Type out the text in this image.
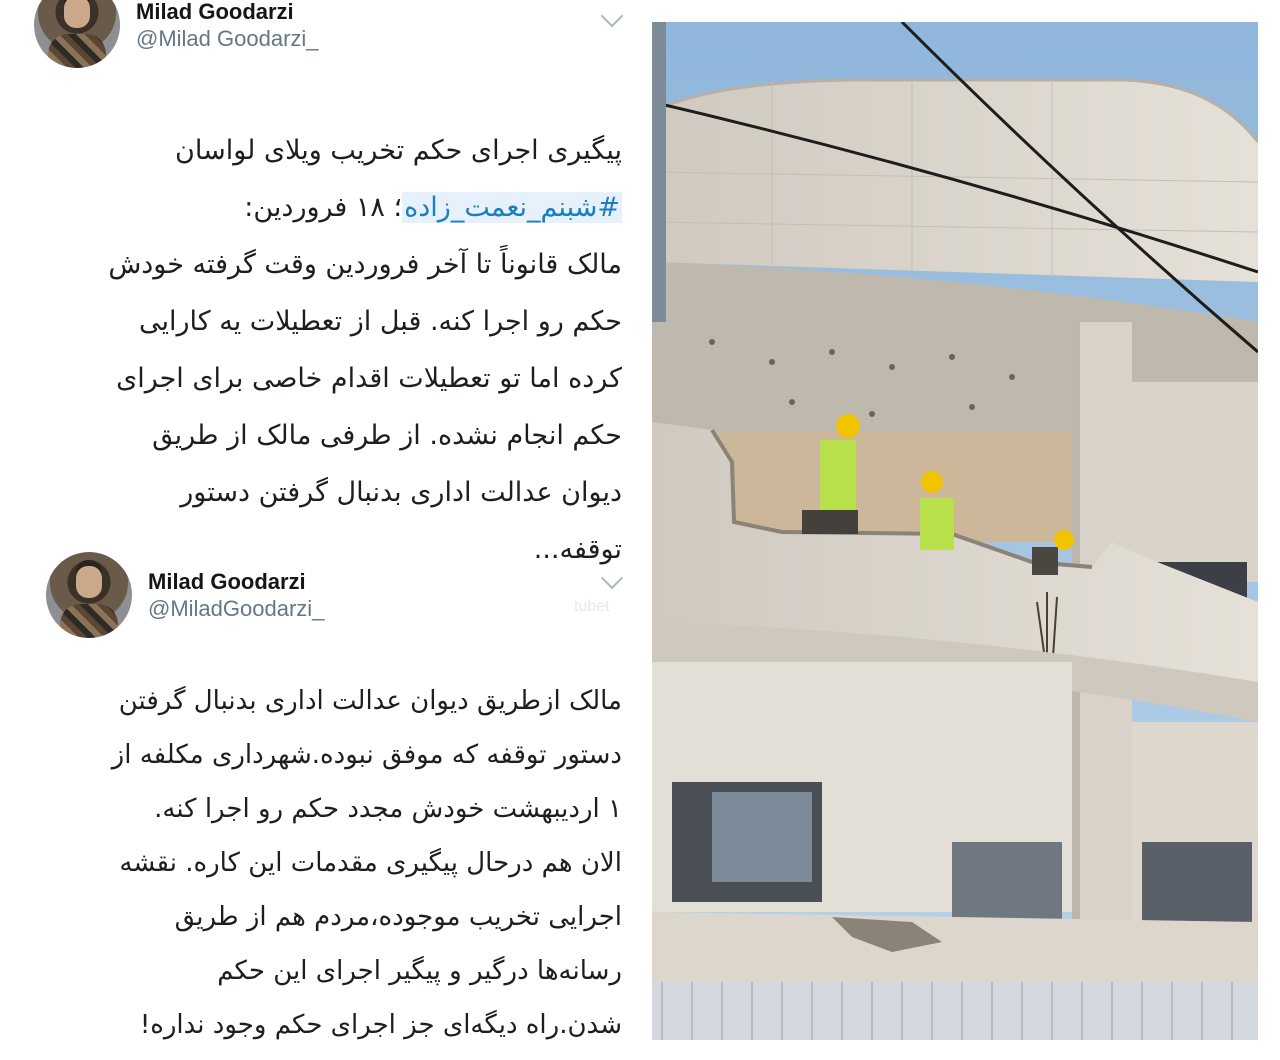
Milad Goodarzi
@Milad Goodarzi_
پیگیری اجرای حکم تخریب ویلای لواسان
#شبنم_نعمت_زاده؛ ۱۸ فروردین:
مالک قانوناً تا آخر فروردین وقت گرفته خودش
حکم رو اجرا کنه. قبل از تعطیلات یه کارایی
کرده اما تو تعطیلات اقدام خاصی برای اجرای
حکم انجام نشده. از طرفی مالک از طریق
دیوان عدالت اداری بدنبال گرفتن دستور
توقفه...
Milad Goodarzi
@MiladGoodarzi_	tubet
مالک ازطریق دیوان عدالت اداری بدنبال گرفتن
دستور توقفه که موفق نبوده.شهرداری مکلفه از
۱ اردیبهشت خودش مجدد حکم رو اجرا کنه.
الان هم درحال پیگیری مقدمات این کاره. نقشه
اجرایی تخریب موجوده،مردم هم از طریق
رسانه‌ها درگیر و پیگیر اجرای این حکم
شدن.راه دیگه‌ای جز اجرای حکم وجود نداره!
